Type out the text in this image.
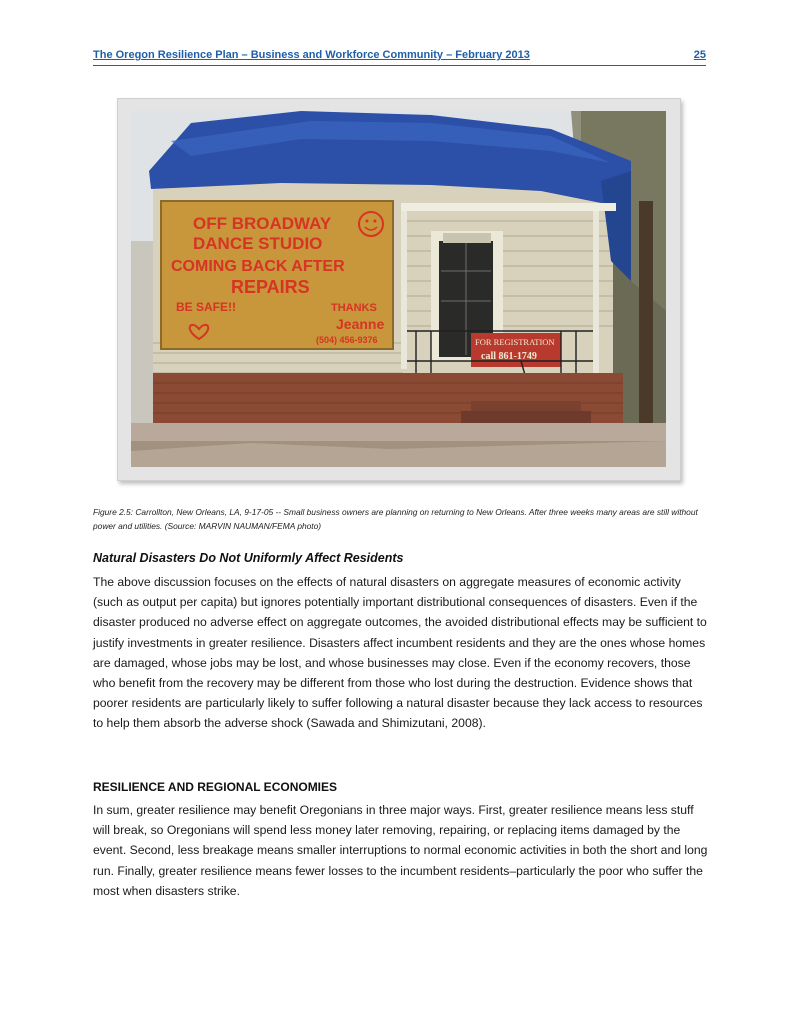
The Oregon Resilience Plan – Business and Workforce Community – February 2013	25
OFF BROADWAY
DANCE STUDIO
COMING BACK AFTER
REPAIRS
BE SAFE!!	THANKS
Jeanne
(504) 456-9376	FOR REGISTRATION
call 861-1749
Figure 2.5: Carrollton, New Orleans, LA, 9-17-05 -- Small business owners are planning on returning to New Orleans. After three weeks many areas are still without power and utilities. (Source: MARVIN NAUMAN/FEMA photo)
Natural Disasters Do Not Uniformly Affect Residents

The above discussion focuses on the effects of natural disasters on aggregate measures of economic activity (such as output per capita) but ignores potentially important distributional consequences of disasters. Even if the disaster produced no adverse effect on aggregate outcomes, the avoided distributional effects may be sufficient to justify investments in greater resilience. Disasters affect incumbent residents and they are the ones whose homes are damaged, whose jobs may be lost, and whose businesses may close. Even if the economy recovers, those who benefit from the recovery may be different from those who lost during the destruction. Evidence shows that poorer residents are particularly likely to suffer following a natural disaster because they lack access to resources to help them absorb the adverse shock (Sawada and Shimizutani, 2008).

RESILIENCE AND REGIONAL ECONOMIES

In sum, greater resilience may benefit Oregonians in three major ways. First, greater resilience means less stuff will break, so Oregonians will spend less money later removing, repairing, or replacing items damaged by the event. Second, less breakage means smaller interruptions to normal economic activities in both the short and long run. Finally, greater resilience means fewer losses to the incumbent residents–particularly the poor who suffer the most when disasters strike.
